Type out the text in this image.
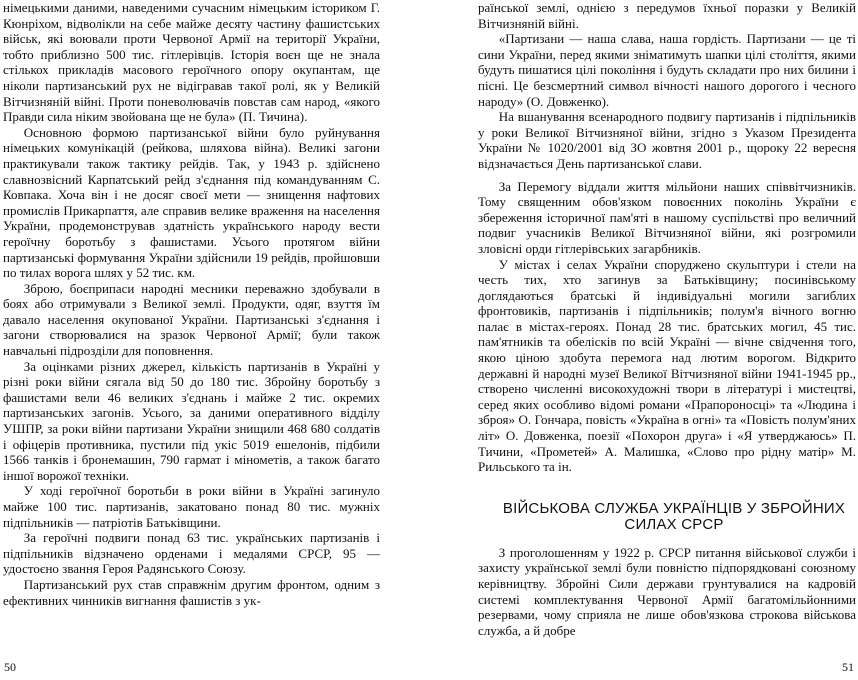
німецькими даними, наведеними сучасним німецьким істориком Г. Кюнріхом, відволікли на себе майже десяту частину фашистських військ, які воювали проти Червоної Армії на території України, тобто приблизно 500 тис. гітлерівців. Історія воєн ще не знала стількох прикладів масового героїчного опору окупантам, ще ніколи партизанський рух не відігравав такої ролі, як у Великій Вітчизняній війні. Проти поневолювачів повстав сам народ, «якого Правди сила ніким звойована ще не була» (П. Тичина).

Основною формою партизанської війни було руйнування німецьких комунікацій (рейкова, шляхова війна). Великі загони практикували також тактику рейдів. Так, у 1943 р. здійснено славнозвісний Карпатський рейд з'єднання під командуванням С. Ковпака. Хоча він і не досяг своєї мети — знищення нафтових промислів Прикарпаття, але справив велике враження на населення України, продемонстрував здатність українського народу вести героїчну боротьбу з фашистами. Усього протягом війни партизанські формування України здійснили 19 рейдів, пройшовши по тилах ворога шлях у 52 тис. км.

Зброю, боєприпаси народні месники переважно здобували в боях або отримували з Великої землі. Продукти, одяг, взуття їм давало населення окупованої України. Партизанські з'єднання і загони створювалися на зразок Червоної Армії; були також навчальні підрозділи для поповнення.

За оцінками різних джерел, кількість партизанів в Україні у різні роки війни сягала від 50 до 180 тис. Збройну боротьбу з фашистами вели 46 великих з'єднань і майже 2 тис. окремих партизанських загонів. Усього, за даними оперативного відділу УШПР, за роки війни партизани України знищили 468 680 солдатів і офіцерів противника, пустили під укіс 5019 ешелонів, підбили 1566 танків і бронемашин, 790 гармат і мінометів, а також багато іншої ворожої техніки.

У ході героїчної боротьби в роки війни в Україні загинуло майже 100 тис. партизанів, закатовано понад 80 тис. мужніх підпільників — патріотів Батьківщини.

За героїчні подвиги понад 63 тис. українських партизанів і підпільників відзначено орденами і медалями СРСР, 95 — удостоєно звання Героя Радянського Союзу.

Партизанський рух став справжнім другим фронтом, одним з ефективних чинників вигнання фашистів з ук-

50

раїнської землі, однією з передумов їхньої поразки у Великій Вітчизняній війні.

«Партизани — наша слава, наша гордість. Партизани — це ті сини України, перед якими зніматимуть шапки цілі століття, якими будуть пишатися цілі покоління і будуть складати про них билини і пісні. Це безсмертний символ вічності нашого дорогого і чесного народу» (О. Довженко).

На вшанування всенародного подвигу партизанів і підпільників у роки Великої Вітчизняної війни, згідно з Указом Президента України № 1020/2001 від ЗО жовтня 2001 р., щороку 22 вересня відзначається День партизанської слави.

За Перемогу віддали життя мільйони наших співвітчизників. Тому священним обов'язком повоєнних поколінь України є збереження історичної пам'яті в нашому суспільстві про величний подвиг учасників Великої Вітчизняної війни, які розгромили зловісні орди гітлерівських загарбників.

У містах і селах України споруджено скульптури і стели на честь тих, хто загинув за Батьківщину; посинівському доглядаються братські й індивідуальні могили загиблих фронтовиків, партизанів і підпільників; полум'я вічного вогню палає в містах-героях. Понад 28 тис. братських могил, 45 тис. пам'ятників та обелісків по всій Україні — вічне свідчення того, якою ціною здобута перемога над лютим ворогом. Відкрито державні й народні музеї Великої Вітчизняної війни 1941-1945 рр., створено численні високохудожні твори в літературі і мистецтві, серед яких особливо відомі романи «Прапороносці» та «Людина і зброя» О. Гончара, повість «Україна в огні» та «Повість полум'яних літ» О. Довженка, поезії «Похорон друга» і «Я утверджаюсь» П. Тичини, «Прометей» А. Малишка, «Слово про рідну матір» М. Рильського та ін.

ВІЙСЬКОВА СЛУЖБА УКРАЇНЦІВ У ЗБРОЙНИХ СИЛАХ СРСР

З проголошенням у 1922 р. СРСР питання військової служби і захисту української землі були повністю підпорядковані союзному керівництву. Збройні Сили держави грунтувалися на кадровій системі комплектування Червоної Армії багатомільйонними резервами, чому сприяла не лише обов'язкова строкова військова служба, а й добре

51
